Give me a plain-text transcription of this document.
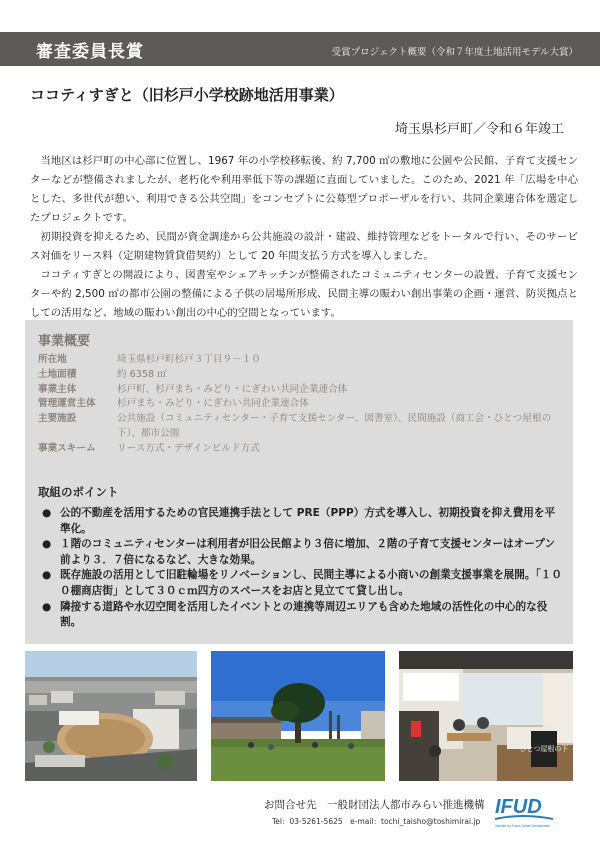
審査委員長賞	受賞プロジェクト概要（令和７年度土地活用モデル大賞）
ココティすぎと（旧杉戸小学校跡地活用事業）
埼玉県杉戸町／令和６年竣工

当地区は杉戸町の中心部に位置し、1967 年の小学校移転後、約 7,700 ㎡の敷地に公園や公民館、子育て支援センターなどが整備されましたが、老朽化や利用率低下等の課題に直面していました。このため、2021 年「広場を中心とした、多世代が憩い、利用できる公共空間」をコンセプトに公募型プロポーザルを行い、共同企業連合体を選定したプロジェクトです。

初期投資を抑えるため、民間が資金調達から公共施設の設計・建設、維持管理などをトータルで行い、そのサービス対価をリース料（定期建物賃貸借契約）として 20 年間支払う方式を導入しました。

ココティすぎとの開設により、図書室やシェアキッチンが整備されたコミュニティセンターの設置、子育て支援センターや約 2,500 ㎡の都市公園の整備による子供の居場所形成、民間主導の賑わい創出事業の企画・運営、防災拠点としての活用など、地域の賑わい創出の中心的空間となっています。

事業概要
所在地	埼玉県杉戸町杉戸３丁目９－１０
土地面積	約 6358 ㎡
事業主体	杉戸町、杉戸まち・みどり・にぎわい共同企業連合体
管理運営主体	杉戸まち・みどり・にぎわい共同企業連合体
主要施設	公共施設（コミュニティセンター・子育て支援センター、図書室）、民間施設（商工会・ひとつ屋根の下）、都市公園
事業スキーム	リース方式・デザインビルド方式
取組のポイント
● 公的不動産を活用するための官民連携手法として PRE（PPP）方式を導入し、初期投資を抑え費用を平準化。
● １階のコミュニティセンターは利用者が旧公民館より３倍に増加、２階の子育て支援センターはオープン前より３．７倍になるなど、大きな効果。
● 既存施設の活用として旧駐輪場をリノベーションし、民間主導による小商いの創業支援事業を展開。「１００棚商店街」として３０ｃｍ四方のスペースをお店と見立てて貸し出し。
● 隣接する道路や水辺空間を活用したイベントとの連携等周辺エリアも含めた地域の活性化の中心的な役割。
ひとつ屋根の下
お問合せ先　一般財団法人都市みらい推進機構
Tel：03-5261-5625　e-mail：tochi_taisho@toshimirai.jp
IFUD
Institute for Future Urban Development
